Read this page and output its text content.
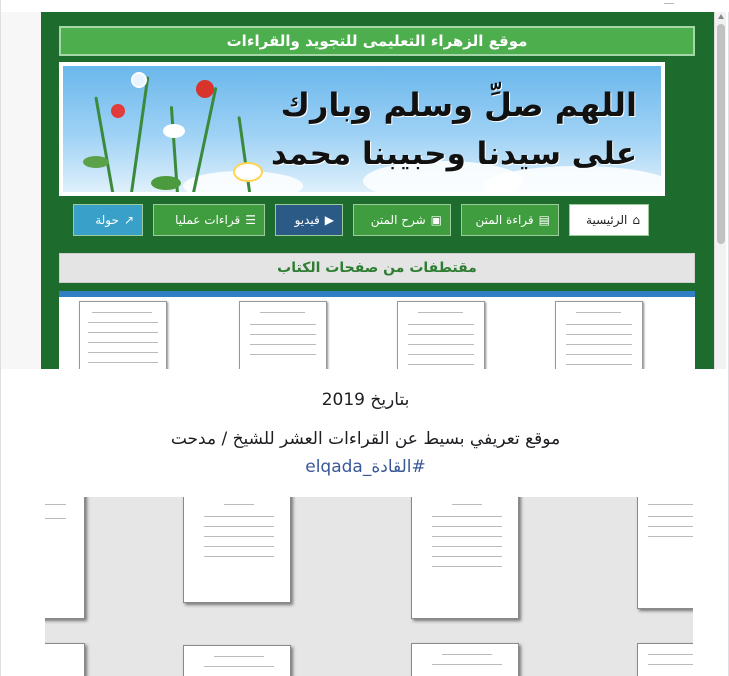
موقع الزهراء التعليمى للتجويد والقراءات
اللهم صلِّ وسلم وبارك
على سيدنا وحبيبنا محمد
⌂الرئيسية
▤قراءة المتن
▣شرح المتن
▶فيديو
☰قراءات عمليا
↗حولة
مقتطفات من صفحات الكتاب
بتاريخ 2019
موقع تعريفي بسيط عن القراءات العشر للشيخ / مدحت
#القادة_elqada
